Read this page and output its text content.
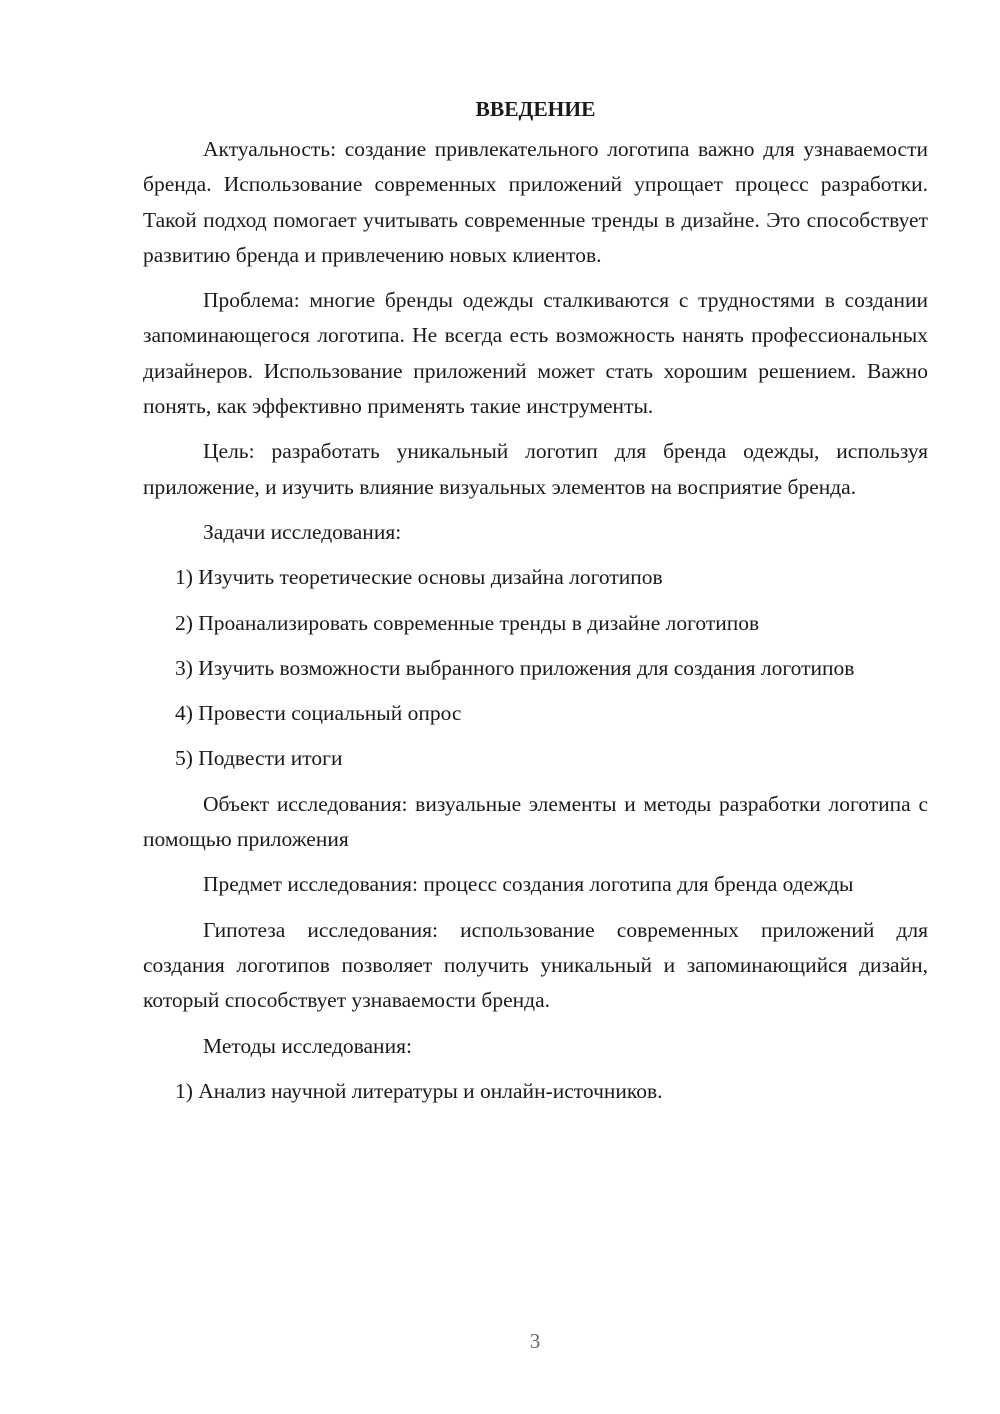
ВВЕДЕНИЕ

Актуальность: создание привлекательного логотипа важно для узнаваемости бренда. Использование современных приложений упрощает процесс разработки. Такой подход помогает учитывать современные тренды в дизайне. Это способствует развитию бренда и привлечению новых клиентов.

Проблема: многие бренды одежды сталкиваются с трудностями в создании запоминающегося логотипа. Не всегда есть возможность нанять профессиональных дизайнеров. Использование приложений может стать хорошим решением. Важно понять, как эффективно применять такие инструменты.

Цель: разработать уникальный логотип для бренда одежды, используя приложение, и изучить влияние визуальных элементов на восприятие бренда.

Задачи исследования:

1) Изучить теоретические основы дизайна логотипов

2) Проанализировать современные тренды в дизайне логотипов

3) Изучить возможности выбранного приложения для создания логотипов

4) Провести социальный опрос

5) Подвести итоги

Объект исследования: визуальные элементы и методы разработки логотипа с помощью приложения

Предмет исследования: процесс создания логотипа для бренда одежды

Гипотеза исследования: использование современных приложений для создания логотипов позволяет получить уникальный и запоминающийся дизайн, который способствует узнаваемости бренда.

Методы исследования:

1) Анализ научной литературы и онлайн-источников.

3
